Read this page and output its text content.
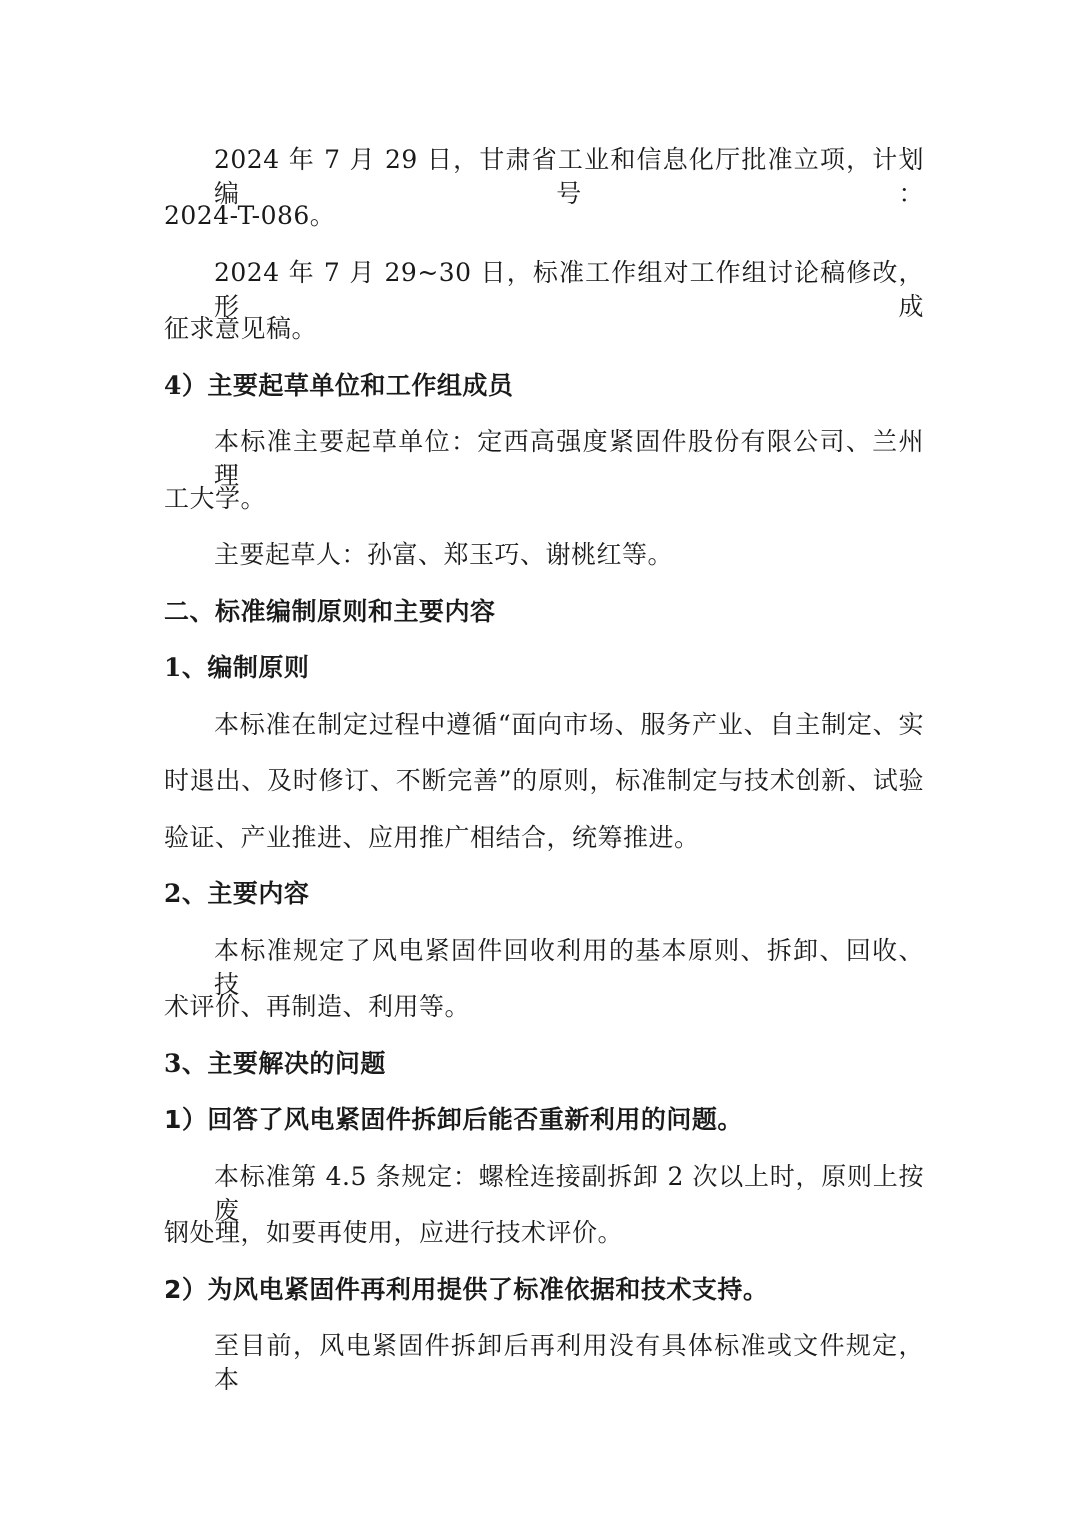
2024 年 7 月 29 日，甘肃省工业和信息化厅批准立项，计划编号：
2024-T-086。
2024 年 7 月 29~30 日，标准工作组对工作组讨论稿修改，形成
征求意见稿。
4）主要起草单位和工作组成员
本标准主要起草单位：定西高强度紧固件股份有限公司、兰州理
工大学。
主要起草人：孙富、郑玉巧、谢桃红等。
二、标准编制原则和主要内容
1、编制原则
本标准在制定过程中遵循“面向市场、服务产业、自主制定、实
时退出、及时修订、不断完善”的原则，标准制定与技术创新、试验
验证、产业推进、应用推广相结合，统筹推进。
2、主要内容
本标准规定了风电紧固件回收利用的基本原则、拆卸、回收、技
术评价、再制造、利用等。
3、主要解决的问题
1）回答了风电紧固件拆卸后能否重新利用的问题。
本标准第 4.5 条规定：螺栓连接副拆卸 2 次以上时，原则上按废
钢处理，如要再使用，应进行技术评价。
2）为风电紧固件再利用提供了标准依据和技术支持。
至目前，风电紧固件拆卸后再利用没有具体标准或文件规定，本
